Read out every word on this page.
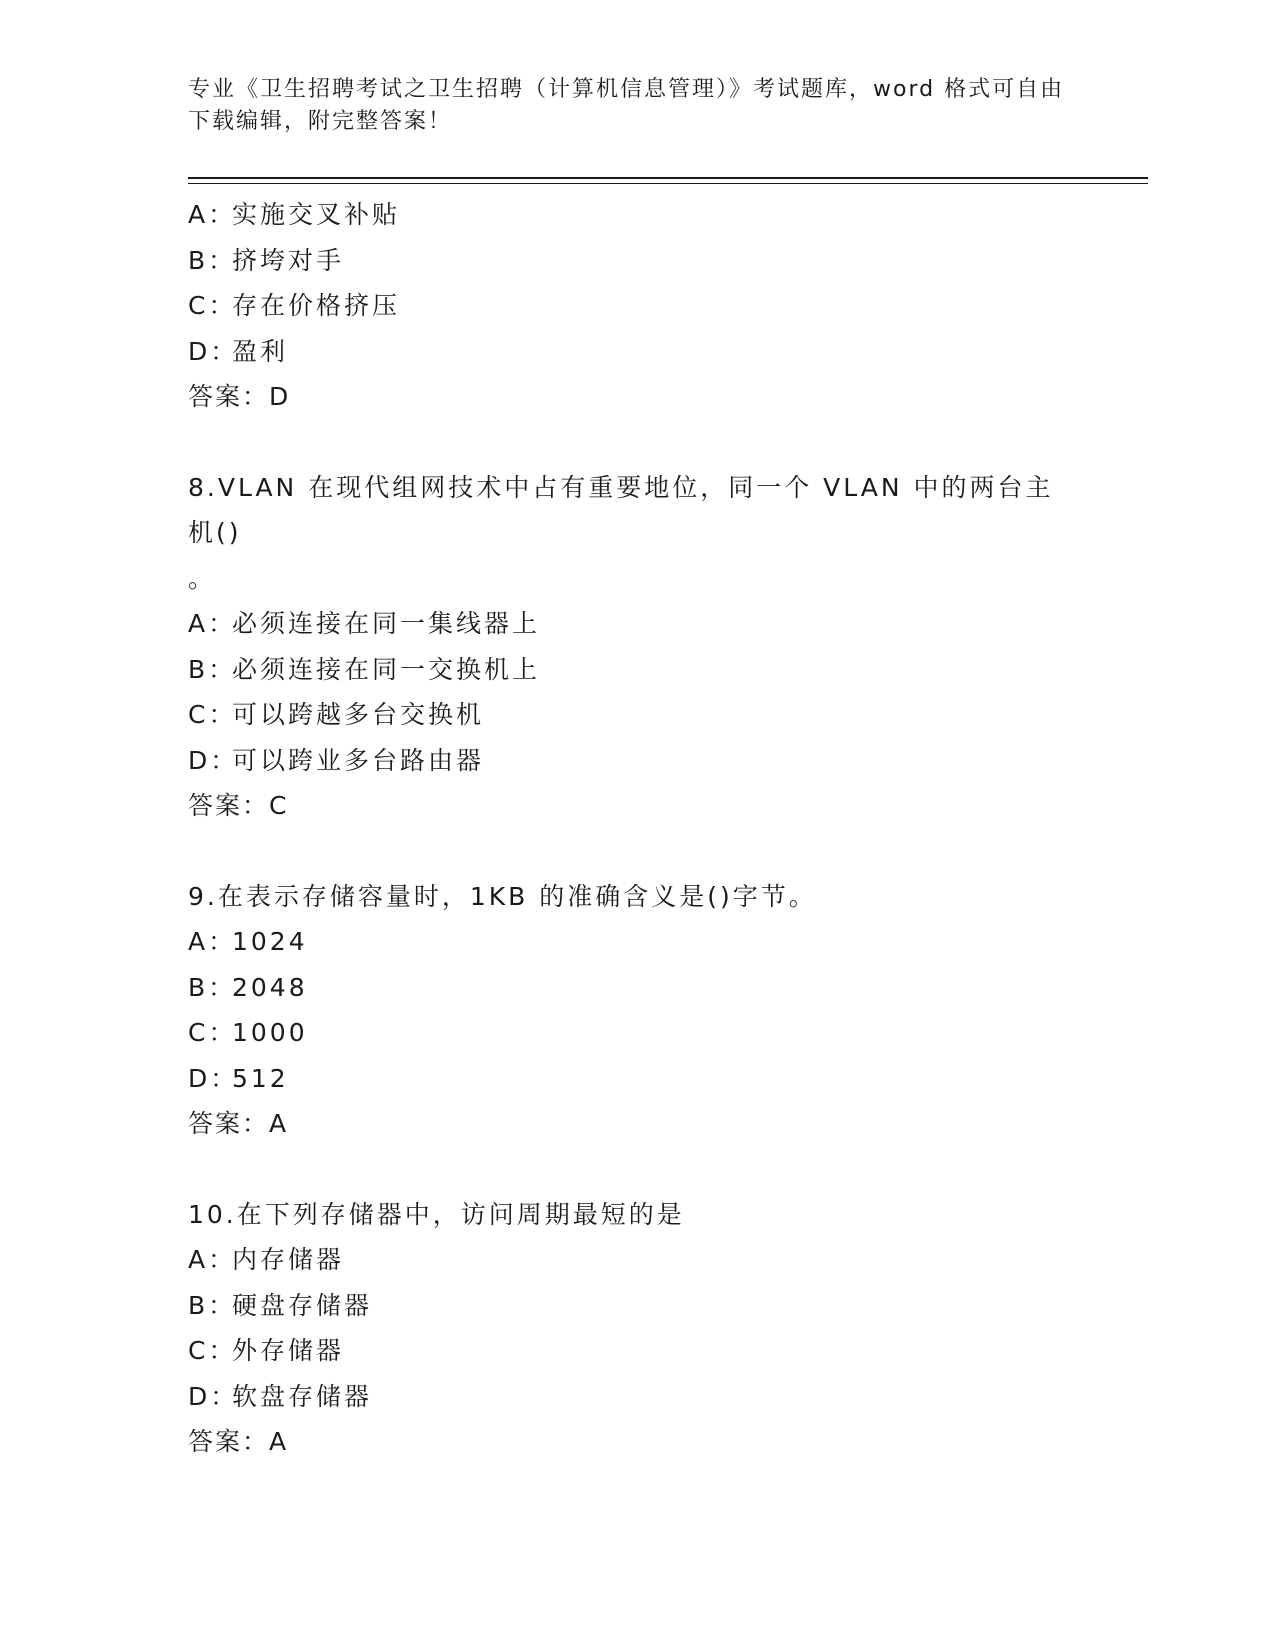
专业《卫生招聘考试之卫生招聘（计算机信息管理）》考试题库，word 格式可自由下载编辑，附完整答案！
A：实施交叉补贴
B：挤垮对手
C：存在价格挤压
D：盈利
答案：D
8.VLAN 在现代组网技术中占有重要地位，同一个 VLAN 中的两台主机()
。
A：必须连接在同一集线器上
B：必须连接在同一交换机上
C：可以跨越多台交换机
D：可以跨业多台路由器
答案：C
9.在表示存储容量时，1KB 的准确含义是()字节。
A：1024
B：2048
C：1000
D：512
答案：A
10.在下列存储器中，访问周期最短的是
A：内存储器
B：硬盘存储器
C：外存储器
D：软盘存储器
答案：A
